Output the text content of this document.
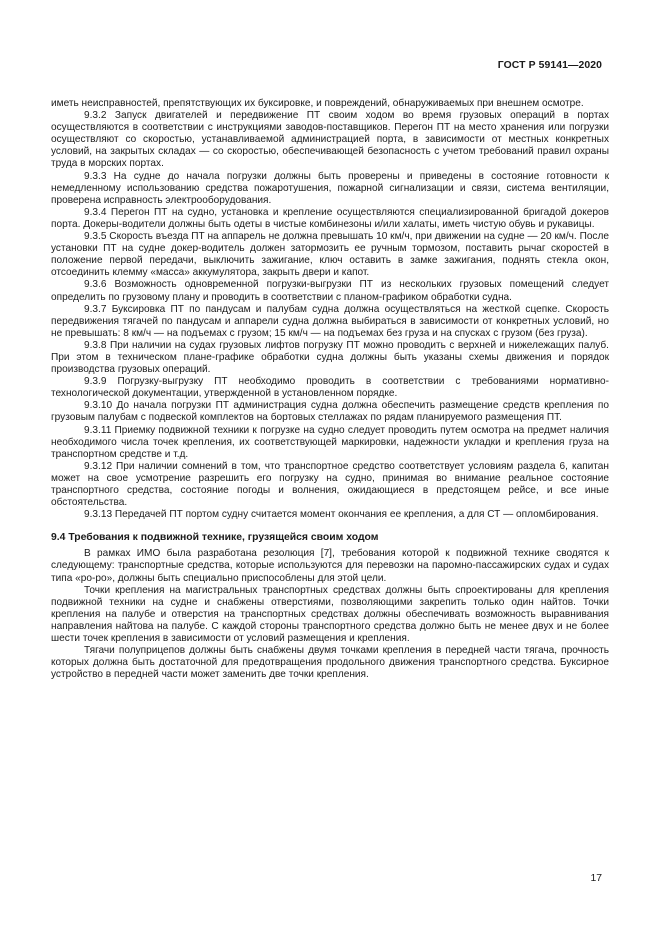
ГОСТ Р 59141—2020

иметь неисправностей, препятствующих их буксировке, и повреждений, обнаруживаемых при внешнем осмотре.

9.3.2 Запуск двигателей и передвижение ПТ своим ходом во время грузовых операций в портах осуществляются в соответствии с инструкциями заводов-поставщиков. Перегон ПТ на место хранения или погрузки осуществляют со скоростью, устанавливаемой администрацией порта, в зависимости от местных конкретных условий, на закрытых складах — со скоростью, обеспечивающей безопасность с учетом требований правил охраны труда в морских портах.

9.3.3 На судне до начала погрузки должны быть проверены и приведены в состояние готовности к немедленному использованию средства пожаротушения, пожарной сигнализации и связи, система вентиляции, проверена исправность электрооборудования.

9.3.4 Перегон ПТ на судно, установка и крепление осуществляются специализированной бригадой докеров порта. Докеры-водители должны быть одеты в чистые комбинезоны и/или халаты, иметь чистую обувь и рукавицы.

9.3.5 Скорость въезда ПТ на аппарель не должна превышать 10 км/ч, при движении на судне — 20 км/ч. После установки ПТ на судне докер-водитель должен затормозить ее ручным тормозом, поставить рычаг скоростей в положение первой передачи, выключить зажигание, ключ оставить в замке зажигания, поднять стекла окон, отсоединить клемму «масса» аккумулятора, закрыть двери и капот.

9.3.6 Возможность одновременной погрузки-выгрузки ПТ из нескольких грузовых помещений следует определить по грузовому плану и проводить в соответствии с планом-графиком обработки судна.

9.3.7 Буксировка ПТ по пандусам и палубам судна должна осуществляться на жесткой сцепке. Скорость передвижения тягачей по пандусам и аппарели судна должна выбираться в зависимости от конкретных условий, но не превышать: 8 км/ч — на подъемах с грузом; 15 км/ч — на подъемах без груза и на спусках с грузом (без груза).

9.3.8 При наличии на судах грузовых лифтов погрузку ПТ можно проводить с верхней и нижележащих палуб. При этом в техническом плане-графике обработки судна должны быть указаны схемы движения и порядок производства грузовых операций.

9.3.9 Погрузку-выгрузку ПТ необходимо проводить в соответствии с требованиями нормативно-технологической документации, утвержденной в установленном порядке.

9.3.10 До начала погрузки ПТ администрация судна должна обеспечить размещение средств крепления по грузовым палубам с подвеской комплектов на бортовых стеллажах по рядам планируемого размещения ПТ.

9.3.11 Приемку подвижной техники к погрузке на судно следует проводить путем осмотра на предмет наличия необходимого числа точек крепления, их соответствующей маркировки, надежности укладки и крепления груза на транспортном средстве и т.д.

9.3.12 При наличии сомнений в том, что транспортное средство соответствует условиям раздела 6, капитан может на свое усмотрение разрешить его погрузку на судно, принимая во внимание реальное состояние транспортного средства, состояние погоды и волнения, ожидающиеся в предстоящем рейсе, и все иные обстоятельства.

9.3.13 Передачей ПТ портом судну считается момент окончания ее крепления, а для СТ — опломбирования.

9.4 Требования к подвижной технике, грузящейся своим ходом

В рамках ИМО была разработана резолюция [7], требования которой к подвижной технике сводятся к следующему: транспортные средства, которые используются для перевозки на паромно-пассажирских судах и судах типа «ро-ро», должны быть специально приспособлены для этой цели.

Точки крепления на магистральных транспортных средствах должны быть спроектированы для крепления подвижной техники на судне и снабжены отверстиями, позволяющими закрепить только один найтов. Точки крепления на палубе и отверстия на транспортных средствах должны обеспечивать возможность выравнивания направления найтова на палубе. С каждой стороны транспортного средства должно быть не менее двух и не более шести точек крепления в зависимости от условий размещения и крепления.

Тягачи полуприцепов должны быть снабжены двумя точками крепления в передней части тягача, прочность которых должна быть достаточной для предотвращения продольного движения транспортного средства. Буксирное устройство в передней части может заменить две точки крепления.

17
